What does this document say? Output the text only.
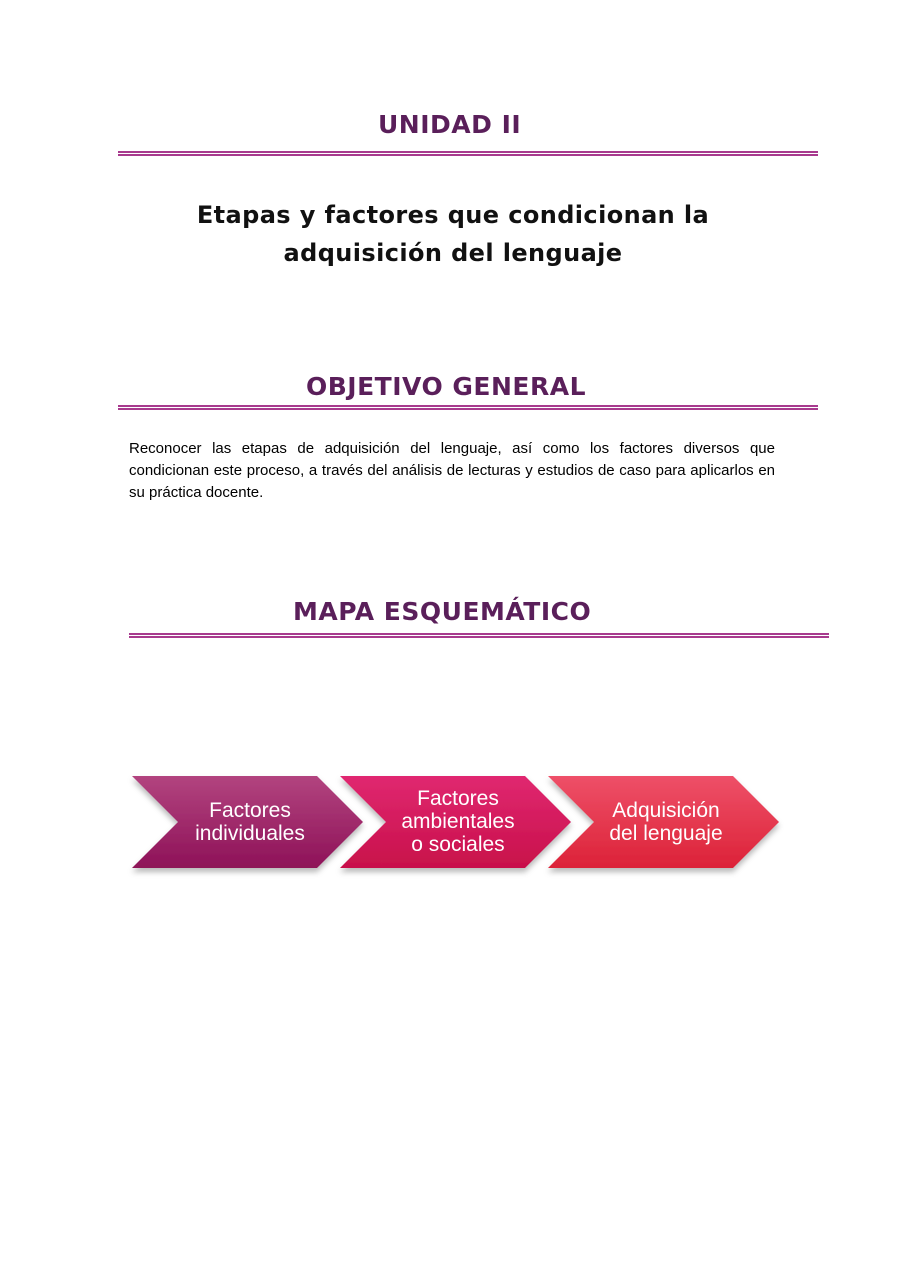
UNIDAD II
Etapas y factores que condicionan la
adquisición del lenguaje
OBJETIVO GENERAL

Reconocer las etapas de adquisición del lenguaje, así como los factores diversos que condicionan este proceso, a través del análisis de lecturas y estudios de caso para aplicarlos en su práctica docente.

MAPA ESQUEMÁTICO
Factores
individuales
Factores
ambientales
o sociales
Adquisición
del lenguaje
